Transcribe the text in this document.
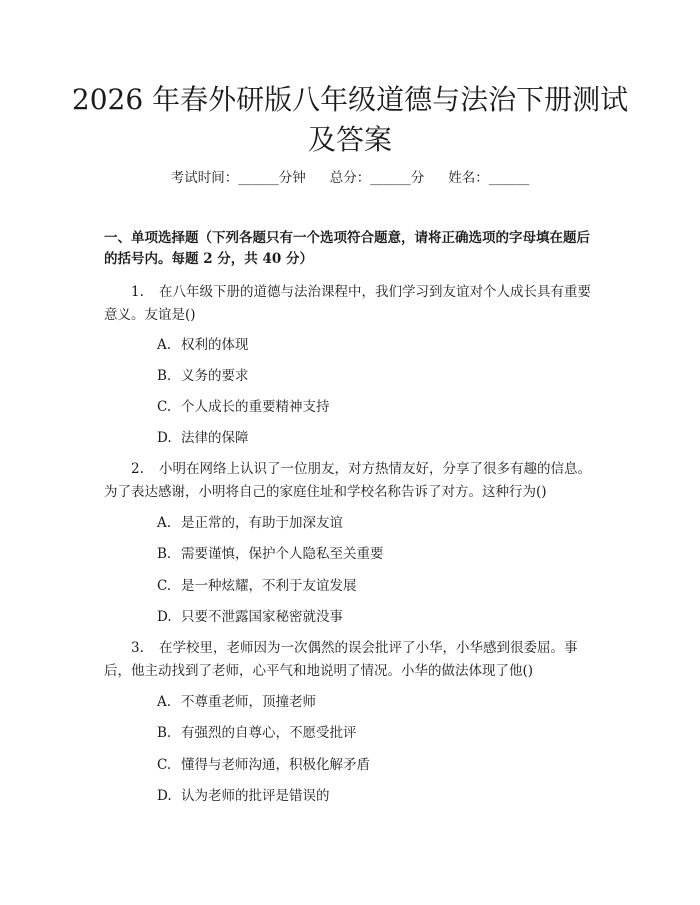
2026 年春外研版八年级道德与法治下册测试
及答案
考试时间：______分钟 总分：______分 姓名：______

一、单项选择题（下列各题只有一个选项符合题意，请将正确选项的字母填在题后的括号内。每题 2 分，共 40 分）

1. 在八年级下册的道德与法治课程中，我们学习到友谊对个人成长具有重要意义。友谊是()

A. 权利的体现
B. 义务的要求
C. 个人成长的重要精神支持
D. 法律的保障

2. 小明在网络上认识了一位朋友，对方热情友好，分享了很多有趣的信息。为了表达感谢，小明将自己的家庭住址和学校名称告诉了对方。这种行为()

A. 是正常的，有助于加深友谊
B. 需要谨慎，保护个人隐私至关重要
C. 是一种炫耀，不利于友谊发展
D. 只要不泄露国家秘密就没事

3. 在学校里，老师因为一次偶然的误会批评了小华，小华感到很委屈。事后，他主动找到了老师，心平气和地说明了情况。小华的做法体现了他()

A. 不尊重老师，顶撞老师
B. 有强烈的自尊心，不愿受批评
C. 懂得与老师沟通，积极化解矛盾
D. 认为老师的批评是错误的
